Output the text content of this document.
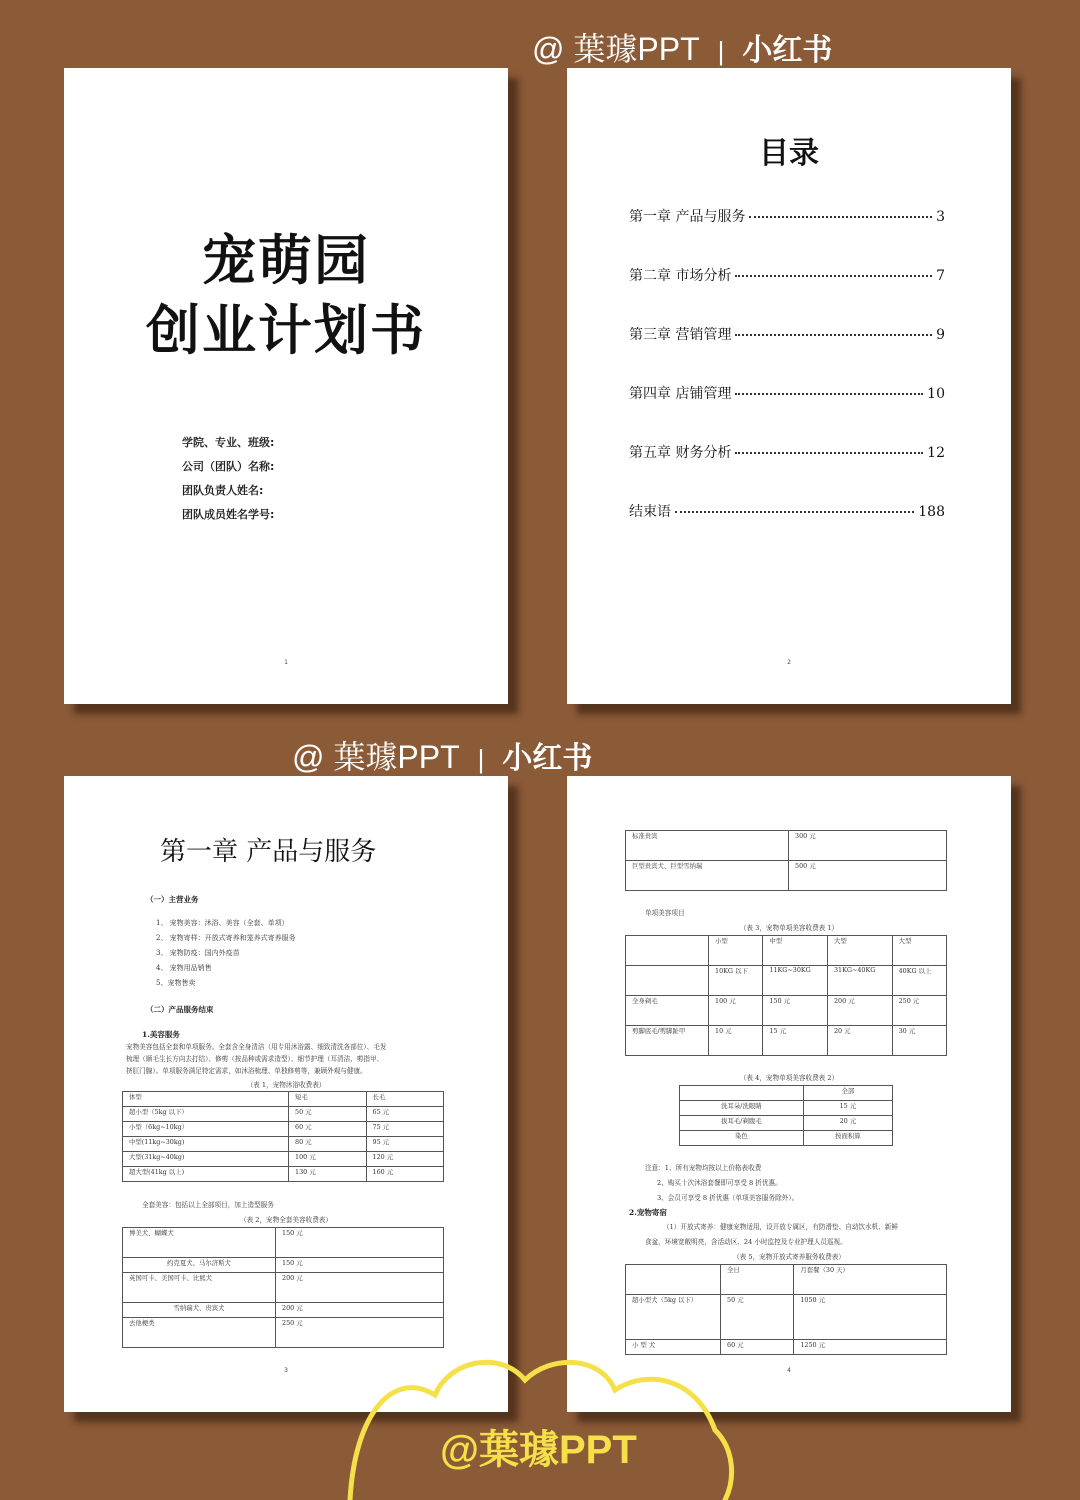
@ 葉璩PPT | 小红书
@ 葉璩PPT | 小红书
宠萌园
创业计划书
学院、专业、班级:
公司（团队）名称:
团队负责人姓名:
团队成员姓名学号:
1
目录
第一章 产品与服务	3
第二章 市场分析	7
第三章 营销管理	9
第四章 店铺管理	10
第五章 财务分析	12
结束语	188
2
第一章 产品与服务
（一）主营业务
1、 宠物美容：沐浴、美容（全套、单项）
2、 宠物寄样：开放式寄养和笼养式寄养服务
3、 宠物防疫：国内外疫苗
4、 宠物用品销售
5、宠物售卖
（二）产品服务结束
1.美容服务
宠物美容包括全套和单项服务。全套含全身清洁（用专用沐浴露、细致清洗各部位）、毛发
梳理（顺毛生长方向去打结）、修剪（按品种或需求造型）、细节护理（耳清洁、剪指甲、
挤肛门腺）。单项服务满足特定需求，如沐浴梳理、单独修剪等，兼顾外观与健康。
（表 1，宠物沐浴收费表）
体型	短毛	长毛
超小型（5kg 以下）	50 元	65 元
小型（6kg~10kg）	60 元	75 元
中型(11kg~30kg)	80 元	95 元
大型(31kg~40kg)	100 元	120 元
超大型(41kg 以上)	130 元	160 元
全套美容：包括以上全部项目，加上造型服务
（表 2，宠物全套美容收费表）
博美犬、蝴蝶犬	150 元
约克夏犬、马尔济斯犬	150 元
英国可卡、美国可卡、比熊犬	200 元
雪纳瑞犬、贵宾犬	200 元
去他梗类	250 元
3
标准贵宾	300 元
巨型贵宾犬、巨型雪纳瑞	500 元
单项美容项目
（表 3，宠物单项美容收费表 1）
	小型	中型	大型	大型
	10KG 以下	11KG~30KG	31KG~40KG	40KG 以上
全身剃毛	100 元	150 元	200 元	250 元
剪脚底毛/剪脚趾甲	10 元	15 元	20 元	30 元
（表 4，宠物单项美容收费表 2）
	全部
洗耳朵/洗眼睛	15 元
拔耳毛/剃腹毛	20 元
染色	按面积算
注意：1、所有宠物均按以上价格表收费
2、购买十次沐浴套餐即可享受 8 折优惠。
3、会员可享受 8 折优惠（单项美容服务除外）。
2.宠物寄宿
（1）开放式寄养：健康宠物适用，设开放专属区，有防滑垫、自动饮水机、新鲜
食盆，环境宽敞明亮，含活动区、24 小时监控及专业护理人员巡视。
（表 5，宠物开放式寄养服务收费表）
	全日	月套餐（30 天）
超小型犬（5kg 以下）	50 元	1050 元
小 型 犬	60 元	1250 元
4
@葉璩PPT
